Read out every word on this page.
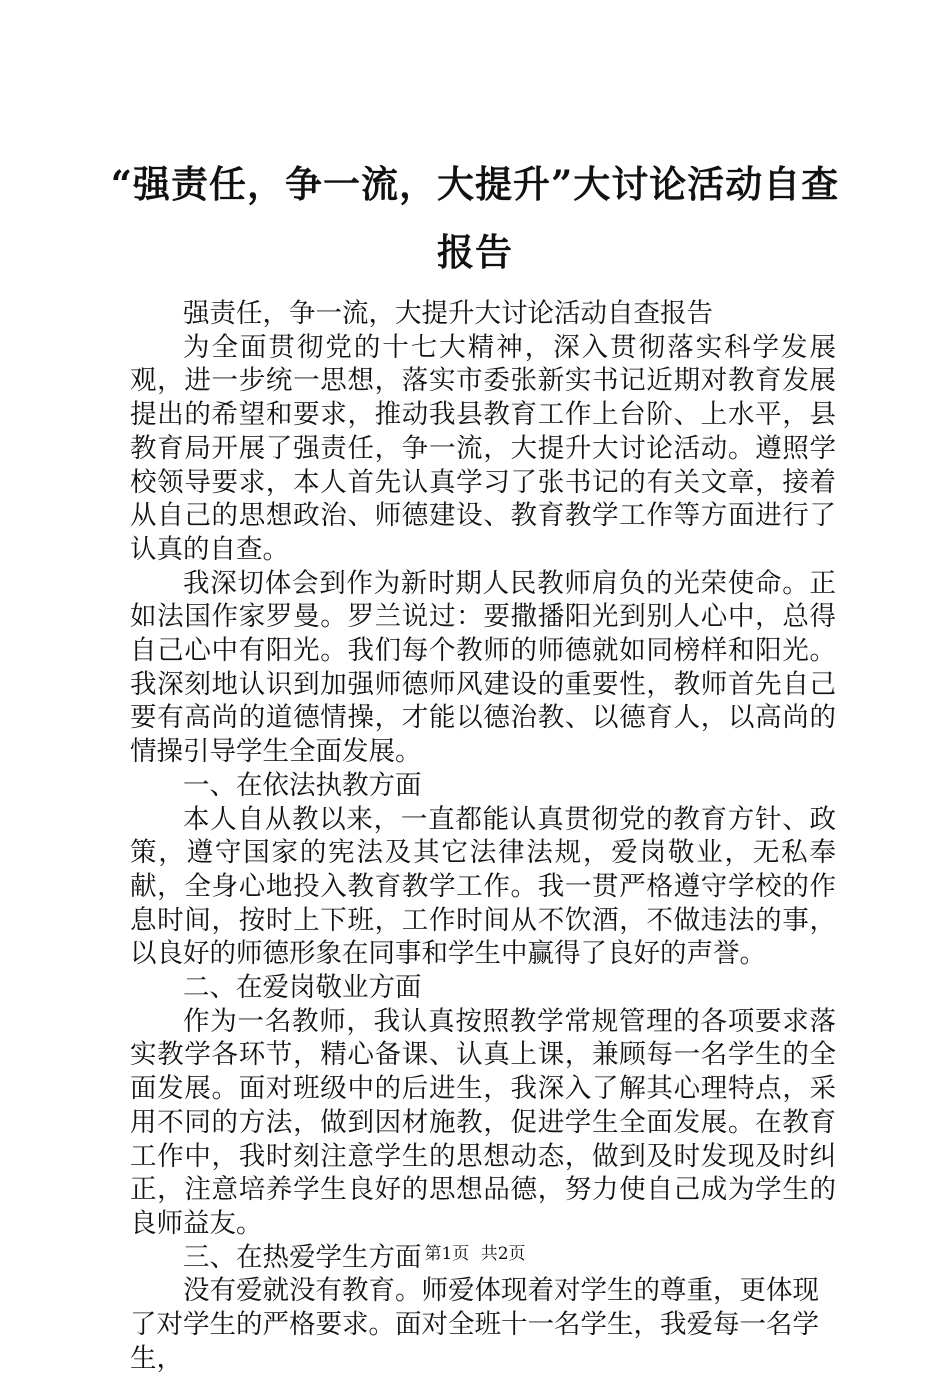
“强责任，争一流，大提升”大讨论活动自查
报告

强责任，争一流，大提升大讨论活动自查报告

为全面贯彻党的十七大精神，深入贯彻落实科学发展观，进一步统一思想，落实市委张新实书记近期对教育发展提出的希望和要求，推动我县教育工作上台阶、上水平，县教育局开展了强责任，争一流，大提升大讨论活动。遵照学校领导要求，本人首先认真学习了张书记的有关文章，接着从自己的思想政治、师德建设、教育教学工作等方面进行了认真的自查。

我深切体会到作为新时期人民教师肩负的光荣使命。正如法国作家罗曼。罗兰说过：要撒播阳光到别人心中，总得自己心中有阳光。我们每个教师的师德就如同榜样和阳光。我深刻地认识到加强师德师风建设的重要性，教师首先自己要有高尚的道德情操，才能以德治教、以德育人，以高尚的情操引导学生全面发展。

一、在依法执教方面

本人自从教以来，一直都能认真贯彻党的教育方针、政策，遵守国家的宪法及其它法律法规，爱岗敬业，无私奉献，全身心地投入教育教学工作。我一贯严格遵守学校的作息时间，按时上下班，工作时间从不饮酒，不做违法的事，以良好的师德形象在同事和学生中赢得了良好的声誉。

二、在爱岗敬业方面

作为一名教师，我认真按照教学常规管理的各项要求落实教学各环节，精心备课、认真上课，兼顾每一名学生的全面发展。面对班级中的后进生，我深入了解其心理特点，采用不同的方法，做到因材施教，促进学生全面发展。在教育工作中，我时刻注意学生的思想动态，做到及时发现及时纠正，注意培养学生良好的思想品德，努力使自己成为学生的良师益友。

三、在热爱学生方面

没有爱就没有教育。师爱体现着对学生的尊重，更体现了对学生的严格要求。面对全班十一名学生，我爱每一名学生，

第1页 共2页
